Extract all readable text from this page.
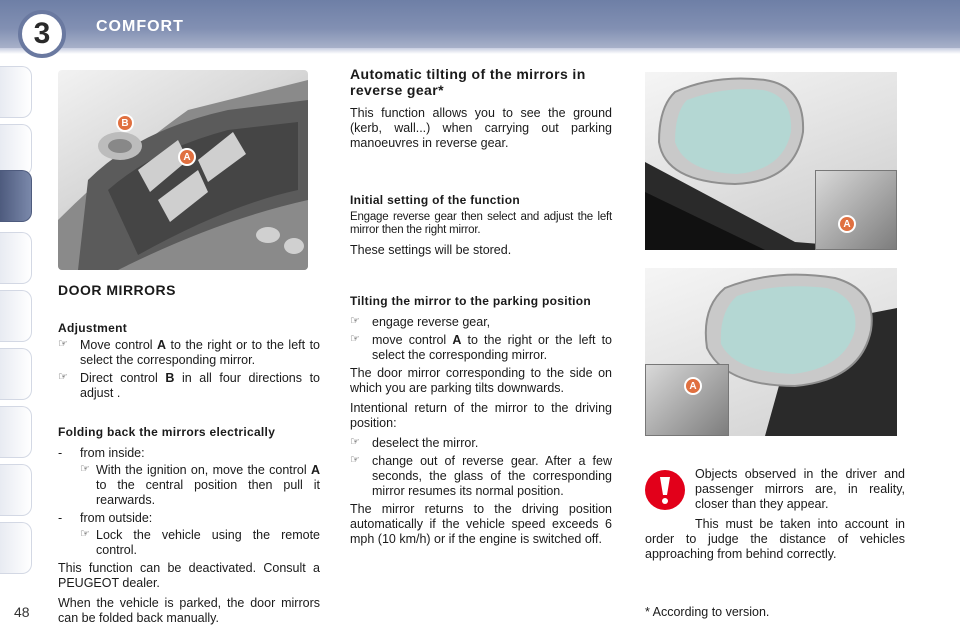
3	COMFORT
48
B
A
A
A
DOOR MIRRORS
Adjustment
☞ Move control A to the right or to the left to select the corresponding mirror.
☞ Direct control B in all four directions to adjust .
Folding back the mirrors electrically
-	from inside:
☞ With the ignition on, move the control A to the central position then pull it rearwards.
-	from outside:
☞ Lock the vehicle using the remote control.

This function can be deactivated. Consult a PEUGEOT dealer.

When the vehicle is parked, the door mirrors can be folded back manually.

Automatic tilting of the mirrors in reverse gear*

This function allows you to see the ground (kerb, wall...) when carrying out parking manoeuvres in reverse gear.

Initial setting of the function

Engage reverse gear then select and adjust the left mirror then the right mirror.

These settings will be stored.

Tilting the mirror to the parking position
☞ engage reverse gear,
☞ move control A to the right or the left to select the corresponding mirror.

The door mirror corresponding to the side on which you are parking tilts downwards.

Intentional return of the mirror to the driving position:

☞ deselect the mirror.
☞ change out of reverse gear. After a few seconds, the glass of the corresponding mirror resumes its normal position.

The mirror returns to the driving position automatically if the vehicle speed exceeds 6 mph (10 km/h) or if the engine is switched off.

Objects observed in the driver and passenger mirrors are, in reality, closer than they appear.

This must be taken into account in order to judge the distance of vehicles approaching from behind correctly.

* According to version.
